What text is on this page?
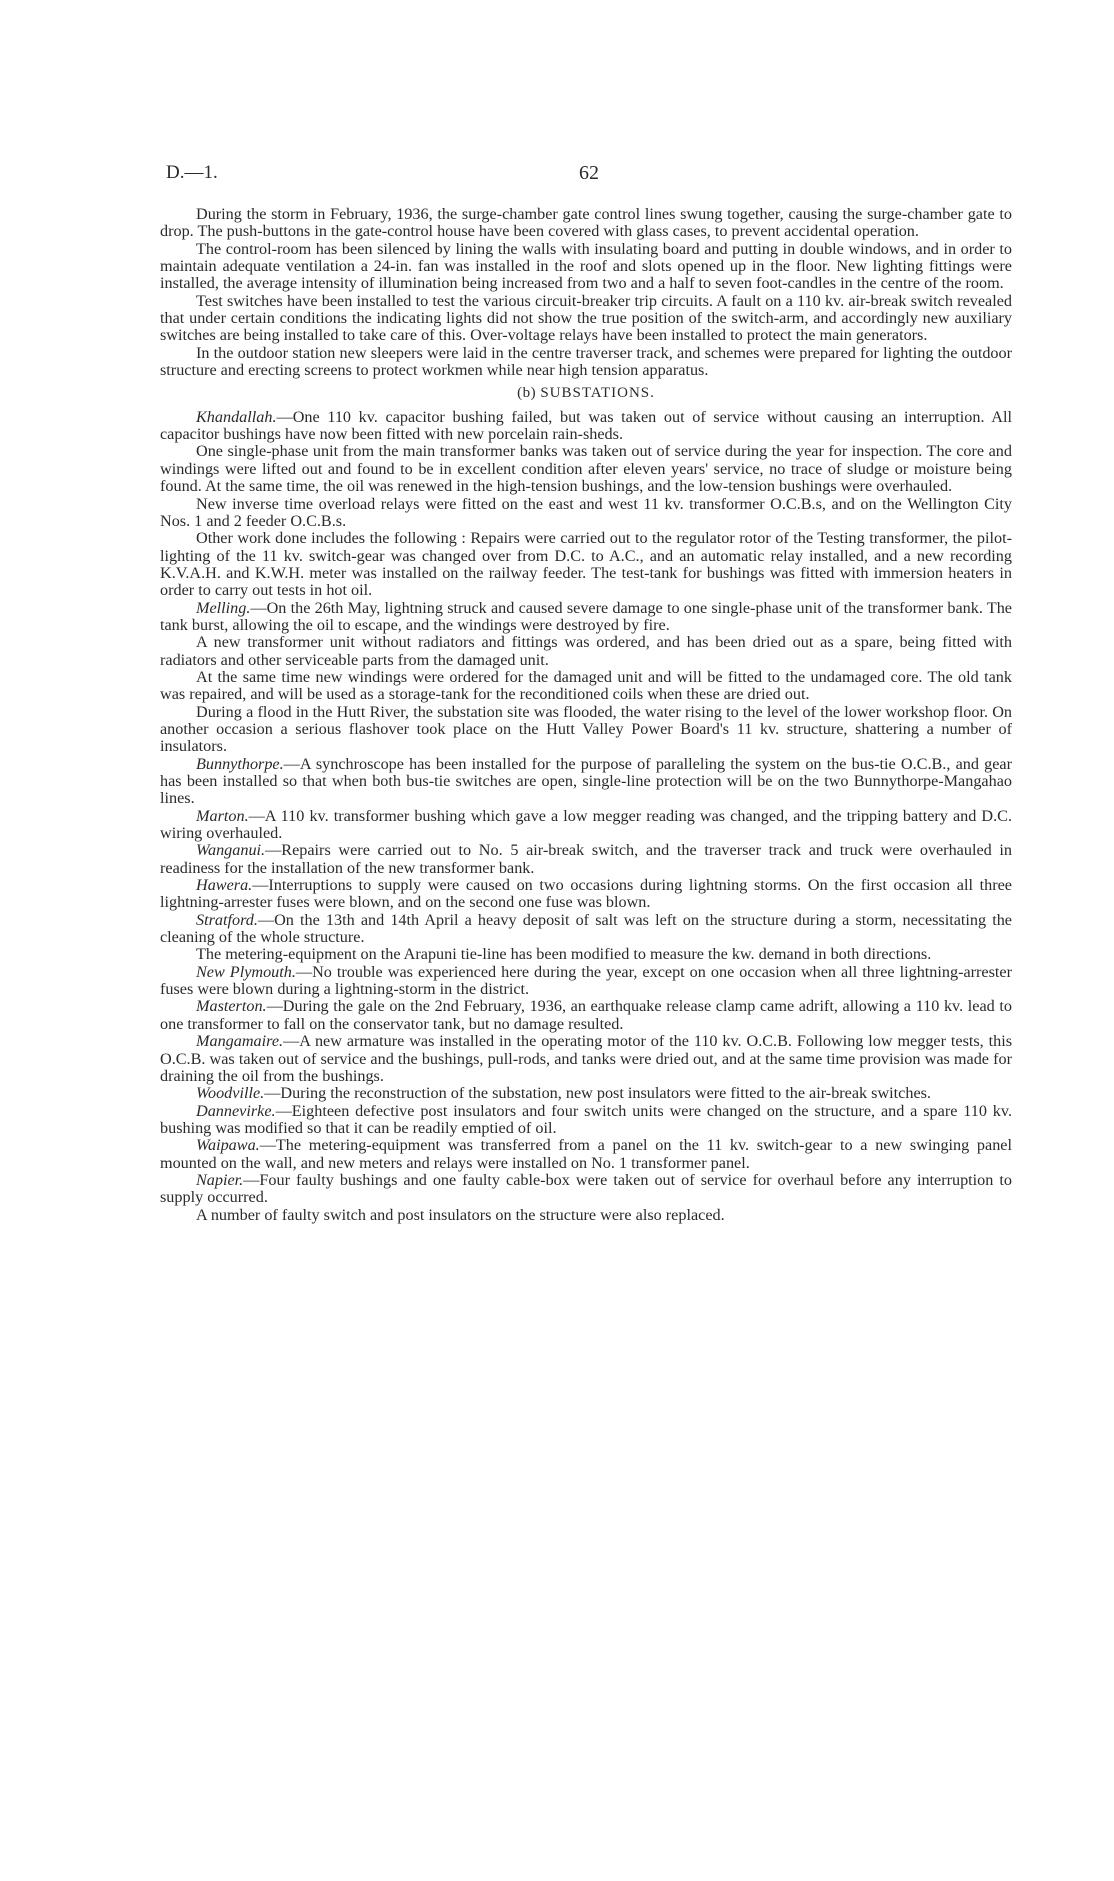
D.—1.	62

During the storm in February, 1936, the surge-chamber gate control lines swung together, causing the surge-chamber gate to drop. The push-buttons in the gate-control house have been covered with glass cases, to prevent accidental operation.

The control-room has been silenced by lining the walls with insulating board and putting in double windows, and in order to maintain adequate ventilation a 24-in. fan was installed in the roof and slots opened up in the floor. New lighting fittings were installed, the average intensity of illumination being increased from two and a half to seven foot-candles in the centre of the room.

Test switches have been installed to test the various circuit-breaker trip circuits. A fault on a 110 kv. air-break switch revealed that under certain conditions the indicating lights did not show the true position of the switch-arm, and accordingly new auxiliary switches are being installed to take care of this. Over-voltage relays have been installed to protect the main generators.

In the outdoor station new sleepers were laid in the centre traverser track, and schemes were prepared for lighting the outdoor structure and erecting screens to protect workmen while near high tension apparatus.

(b) SUBSTATIONS.

Khandallah.—One 110 kv. capacitor bushing failed, but was taken out of service without causing an interruption. All capacitor bushings have now been fitted with new porcelain rain-sheds.

One single-phase unit from the main transformer banks was taken out of service during the year for inspection. The core and windings were lifted out and found to be in excellent condition after eleven years' service, no trace of sludge or moisture being found. At the same time, the oil was renewed in the high-tension bushings, and the low-tension bushings were overhauled.

New inverse time overload relays were fitted on the east and west 11 kv. transformer O.C.B.s, and on the Wellington City Nos. 1 and 2 feeder O.C.B.s.

Other work done includes the following : Repairs were carried out to the regulator rotor of the Testing transformer, the pilot-lighting of the 11 kv. switch-gear was changed over from D.C. to A.C., and an automatic relay installed, and a new recording K.V.A.H. and K.W.H. meter was installed on the railway feeder. The test-tank for bushings was fitted with immersion heaters in order to carry out tests in hot oil.

Melling.—On the 26th May, lightning struck and caused severe damage to one single-phase unit of the transformer bank. The tank burst, allowing the oil to escape, and the windings were destroyed by fire.

A new transformer unit without radiators and fittings was ordered, and has been dried out as a spare, being fitted with radiators and other serviceable parts from the damaged unit.

At the same time new windings were ordered for the damaged unit and will be fitted to the undamaged core. The old tank was repaired, and will be used as a storage-tank for the reconditioned coils when these are dried out.

During a flood in the Hutt River, the substation site was flooded, the water rising to the level of the lower workshop floor. On another occasion a serious flashover took place on the Hutt Valley Power Board's 11 kv. structure, shattering a number of insulators.

Bunnythorpe.—A synchroscope has been installed for the purpose of paralleling the system on the bus-tie O.C.B., and gear has been installed so that when both bus-tie switches are open, single-line protection will be on the two Bunnythorpe-Mangahao lines.

Marton.—A 110 kv. transformer bushing which gave a low megger reading was changed, and the tripping battery and D.C. wiring overhauled.

Wanganui.—Repairs were carried out to No. 5 air-break switch, and the traverser track and truck were overhauled in readiness for the installation of the new transformer bank.

Hawera.—Interruptions to supply were caused on two occasions during lightning storms. On the first occasion all three lightning-arrester fuses were blown, and on the second one fuse was blown.

Stratford.—On the 13th and 14th April a heavy deposit of salt was left on the structure during a storm, necessitating the cleaning of the whole structure.

The metering-equipment on the Arapuni tie-line has been modified to measure the kw. demand in both directions.

New Plymouth.—No trouble was experienced here during the year, except on one occasion when all three lightning-arrester fuses were blown during a lightning-storm in the district.

Masterton.—During the gale on the 2nd February, 1936, an earthquake release clamp came adrift, allowing a 110 kv. lead to one transformer to fall on the conservator tank, but no damage resulted.

Mangamaire.—A new armature was installed in the operating motor of the 110 kv. O.C.B. Following low megger tests, this O.C.B. was taken out of service and the bushings, pull-rods, and tanks were dried out, and at the same time provision was made for draining the oil from the bushings.

Woodville.—During the reconstruction of the substation, new post insulators were fitted to the air-break switches.

Dannevirke.—Eighteen defective post insulators and four switch units were changed on the structure, and a spare 110 kv. bushing was modified so that it can be readily emptied of oil.

Waipawa.—The metering-equipment was transferred from a panel on the 11 kv. switch-gear to a new swinging panel mounted on the wall, and new meters and relays were installed on No. 1 transformer panel.

Napier.—Four faulty bushings and one faulty cable-box were taken out of service for overhaul before any interruption to supply occurred.

A number of faulty switch and post insulators on the structure were also replaced.
